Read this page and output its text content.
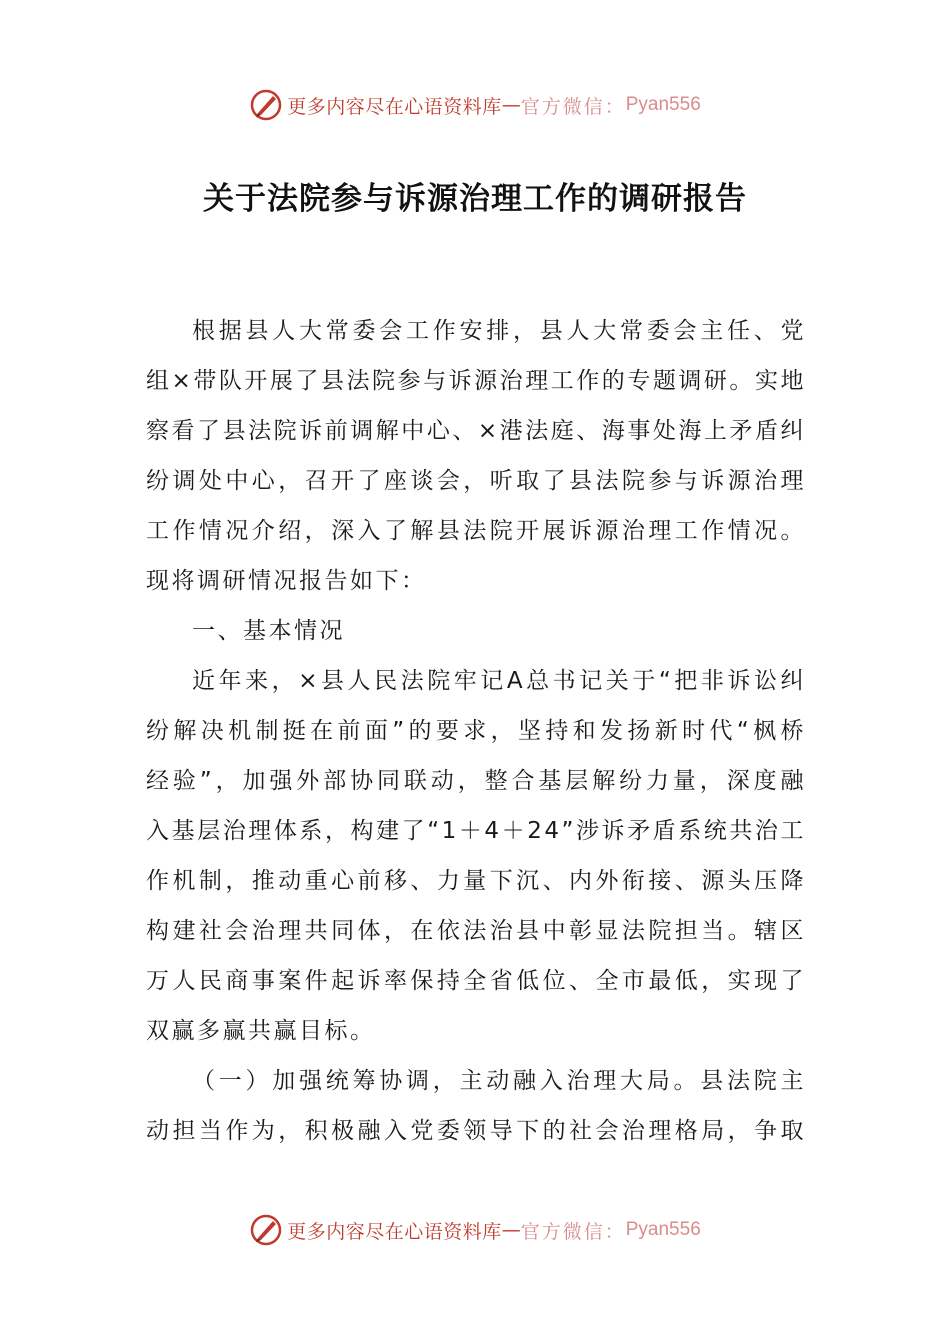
更多内容尽在心语资料库 — 官方微信： Pyan556
关于法院参与诉源治理工作的调研报告
根据县人大常委会工作安排，县人大常委会主任、党
组×带队开展了县法院参与诉源治理工作的专题调研。实地
察看了县法院诉前调解中心、×港法庭、海事处海上矛盾纠
纷调处中心，召开了座谈会，听取了县法院参与诉源治理
工作情况介绍，深入了解县法院开展诉源治理工作情况。
现将调研情况报告如下：
一、基本情况
近年来，×县人民法院牢记A总书记关于“把非诉讼纠
纷解决机制挺在前面”的要求，坚持和发扬新时代“枫桥
经验”，加强外部协同联动，整合基层解纷力量，深度融
入基层治理体系，构建了“1＋4＋24”涉诉矛盾系统共治工
作机制，推动重心前移、力量下沉、内外衔接、源头压降
构建社会治理共同体，在依法治县中彰显法院担当。辖区
万人民商事案件起诉率保持全省低位、全市最低，实现了
双赢多赢共赢目标。
（一）加强统筹协调，主动融入治理大局。县法院主
动担当作为，积极融入党委领导下的社会治理格局，争取
更多内容尽在心语资料库 — 官方微信： Pyan556
